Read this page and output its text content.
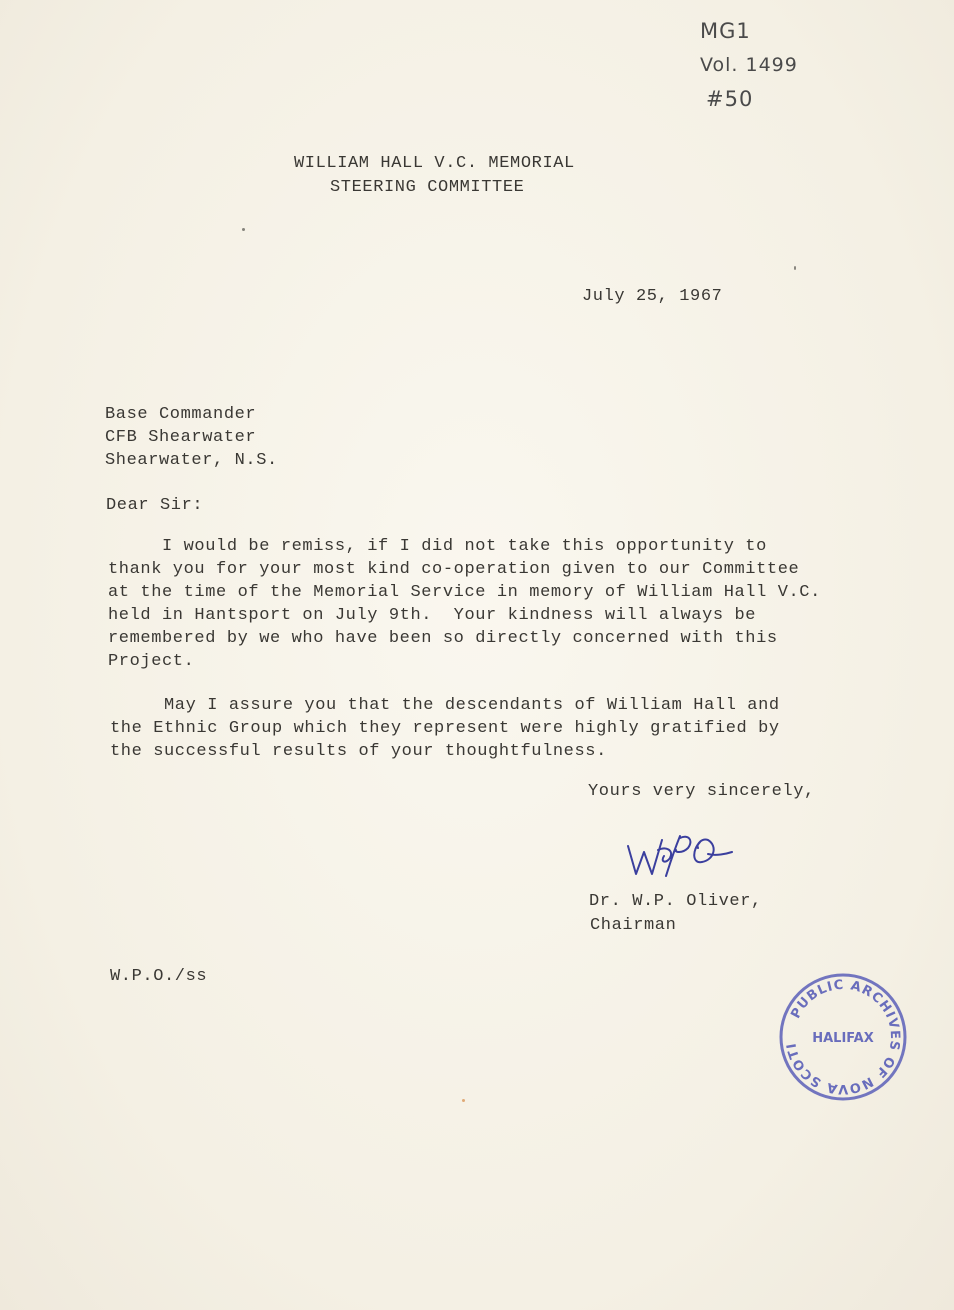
MG1
Vol. 1499
#50
WILLIAM HALL V.C. MEMORIAL
STEERING COMMITTEE
July 25, 1967
Base Commander
CFB Shearwater
Shearwater, N.S.
Dear Sir:
I would be remiss, if I did not take this opportunity to
thank you for your most kind co-operation given to our Committee
at the time of the Memorial Service in memory of William Hall V.C.
held in Hantsport on July 9th.  Your kindness will always be
remembered by we who have been so directly concerned with this
Project.
May I assure you that the descendants of William Hall and
the Ethnic Group which they represent were highly gratified by
the successful results of your thoughtfulness.
Yours very sincerely,
Dr. W.P. Oliver,
Chairman
W.P.O./ss
PUBLIC ARCHIVES OF NOVA SCOTI HALIFAX
